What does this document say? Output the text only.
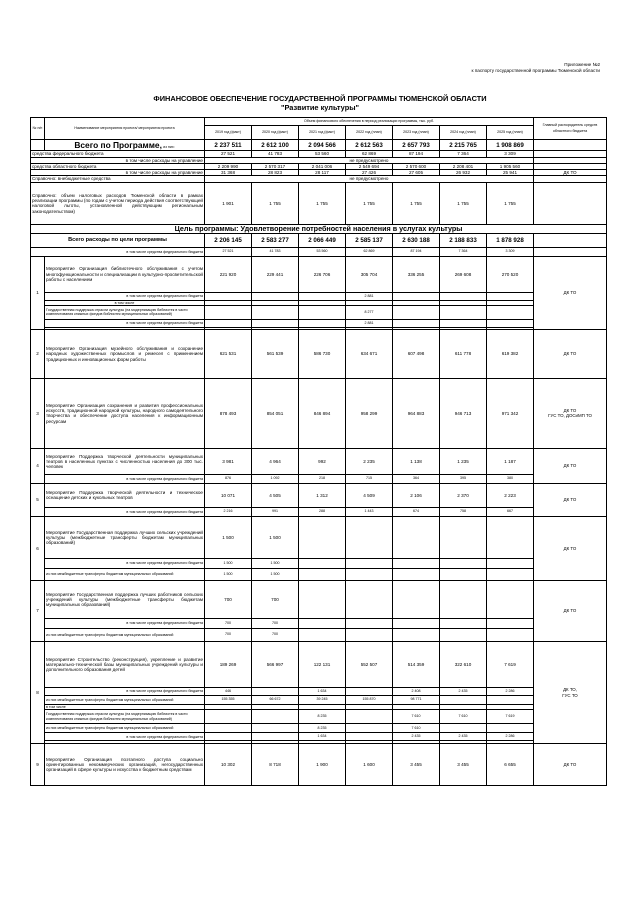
Приложение №2
к паспорту государственной программы Тюменской области
ФИНАНСОВОЕ ОБЕСПЕЧЕНИЕ ГОСУДАРСТВЕННОЙ ПРОГРАММЫ ТЮМЕНСКОЙ ОБЛАСТИ
"Развитие культуры"
№ п/п	Наименование мероприятия проекта/ мероприятия проекта	Объем финансового обеспечения в период реализации программы, тыс. руб.							Главный распорядитель средств областного бюджета
		2019 год (факт)	2020 год (факт)	2021 год (факт)	2022 год (план)	2023 год (план)	2024 год (план)	2025 год (план)	
	Всего по Программе, из них:	2 237 511	2 612 100	2 094 566	2 612 563	2 657 793	2 215 765	1 908 869	
средства федерального бюджета		27 521	41 783	53 560	62 869	87 194	7 364	3 309	
в том числе расходы на управление		не предусмотрено							
средства областного бюджета		2 209 990	2 570 317	2 041 006	2 549 694	2 570 600	2 208 401	1 905 560	
в том числе расходы на управление		31 368	28 823	28 117	27 426	27 605	26 932	25 941	ДК ТО
Справочно: внебюджетные средства		не предусмотрено							
Справочно: объем налоговых расходов Тюменской области в рамках реализации программы (по годам с учетом периода действия соответствующей налоговой льготы, установленной действующим региональным законодательством)		1 901	1 755	1 755	1 755	1 755	1 755	1 755	
Цель программы: Удовлетворение потребностей населения в услугах культуры									
Всего расходы по цели программы		2 206 145	2 583 277	2 066 449	2 585 137	2 630 188	2 188 833	1 878 928	
в том числе средства федерального бюджета		27 521	41 783	53 560	62 869	87 194	7 364	3 309	
1	Мероприятие Организация библиотечного обслуживания с учетом многофункциональности и специализации в культурно-просветительской работы с населением	221 920	229 441	226 706	305 704	336 255	269 608	270 520	ДК ТО
	в том числе средства федерального бюджета				2 881				
	в том числе								
	Государственная поддержка отрасли культуры (на модернизацию библиотек в части комплектования книжных фондов библиотек муниципальных образований)				8 277				
	в том числе средства федерального бюджета				2 881				

2	Мероприятие Организация музейного обслуживания и сохранение народных художественных промыслов и ремесел с применением традиционных и инновационных форм работы	621 531	561 539	586 730	634 671	607 498	611 778	619 382	ДК ТО
3	Мероприятие Организация сохранения и развития профессиональных искусств, традиционной народной культуры, народного самодеятельного творчества и обеспечение доступа населения к информационным ресурсам	878 493	854 051	846 894	958 299	964 883	946 713	971 342	ДК ТО
ГУС ТО, ДОСиМП ТО

4	Мероприятие Поддержка творческой деятельности муниципальных театров в населенных пунктах с численностью населения до 300 тыс. человек	3 981	4 964	992	2 235	1 138	1 235	1 187	ДК ТО
	в том числе средства федерального бюджета	876	1 092	218	715	364	395	380	
5	Мероприятие Поддержка творческой деятельности и техническое оснащение детских и кукольных театров	10 071	4 505	1 312	4 509	2 106	2 370	2 223	ДК ТО
	в том числе средства федерального бюджета	2 216	991	288	1 443	674	758	667	
6	Мероприятие Государственная поддержка лучших сельских учреждений культуры (межбюджетные трансферты бюджетам муниципальных образований)	1 500	1 500						ДК ТО
	в том числе средства федерального бюджета	1 500	1 500						
	из них межбюджетные трансферты бюджетам муниципальных образований	1 500	1 500						
7	Мероприятие Государственная поддержка лучших работников сельских учреждений культуры (межбюджетные трансферты бюджетам муниципальных образований)	700	700						ДК ТО
	в том числе средства федерального бюджета	700	700						
	из них межбюджетные трансферты бюджетам муниципальных образований	700	700						
8	Мероприятие Строительство (реконструкция), укрепление и развитие материально-технической базы муниципальных учреждений культуры и дополнительного образования детей	189 269	566 997	122 131	552 507	514 359	322 610	7 619	ДК ТО,
ГУС ТО

	в том числе средства федерального бюджета	446		1 634		2 408	2 435	2 286	
	из них межбюджетные трансферты бюджетам муниципальных образований	155 355	66 672	39 245	155 870	98 771			
	в том числе								
	Государственная поддержка отрасли культуры (на модернизацию библиотек в части комплектования книжных фондов библиотек муниципальных образований)			8 235		7 610	7 610	7 619	
	из них межбюджетные трансферты бюджетам муниципальных образований			8 235		7 610			
	в том числе средства федерального бюджета			1 634		2 435	2 435	2 286	

9	Мероприятие Организация поэтапного доступа социально ориентированных некоммерческих организаций, негосударственных организаций в сфере культуры и искусства к бюджетным средствам	10 302	8 718	1 900	1 600	3 455	3 455	6 655	ДК ТО
